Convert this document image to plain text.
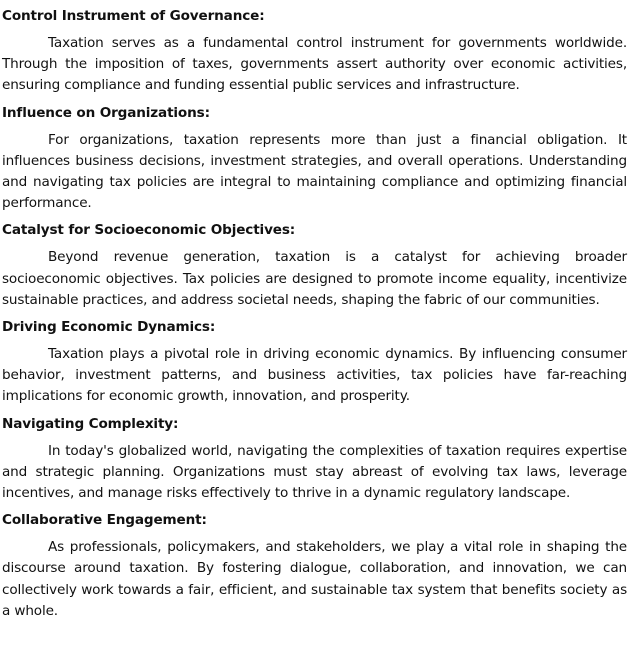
Control Instrument of Governance:

Taxation serves as a fundamental control instrument for governments worldwide. Through the imposition of taxes, governments assert authority over economic activities, ensuring compliance and funding essential public services and infrastructure.

Influence on Organizations:

For organizations, taxation represents more than just a financial obligation. It influences business decisions, investment strategies, and overall operations. Understanding and navigating tax policies are integral to maintaining compliance and optimizing financial performance.

Catalyst for Socioeconomic Objectives:

Beyond revenue generation, taxation is a catalyst for achieving broader socioeconomic objectives. Tax policies are designed to promote income equality, incentivize sustainable practices, and address societal needs, shaping the fabric of our communities.

Driving Economic Dynamics:

Taxation plays a pivotal role in driving economic dynamics. By influencing consumer behavior, investment patterns, and business activities, tax policies have far-reaching implications for economic growth, innovation, and prosperity.

Navigating Complexity:

In today's globalized world, navigating the complexities of taxation requires expertise and strategic planning. Organizations must stay abreast of evolving tax laws, leverage incentives, and manage risks effectively to thrive in a dynamic regulatory landscape.

Collaborative Engagement:

As professionals, policymakers, and stakeholders, we play a vital role in shaping the discourse around taxation. By fostering dialogue, collaboration, and innovation, we can collectively work towards a fair, efficient, and sustainable tax system that benefits society as a whole.
